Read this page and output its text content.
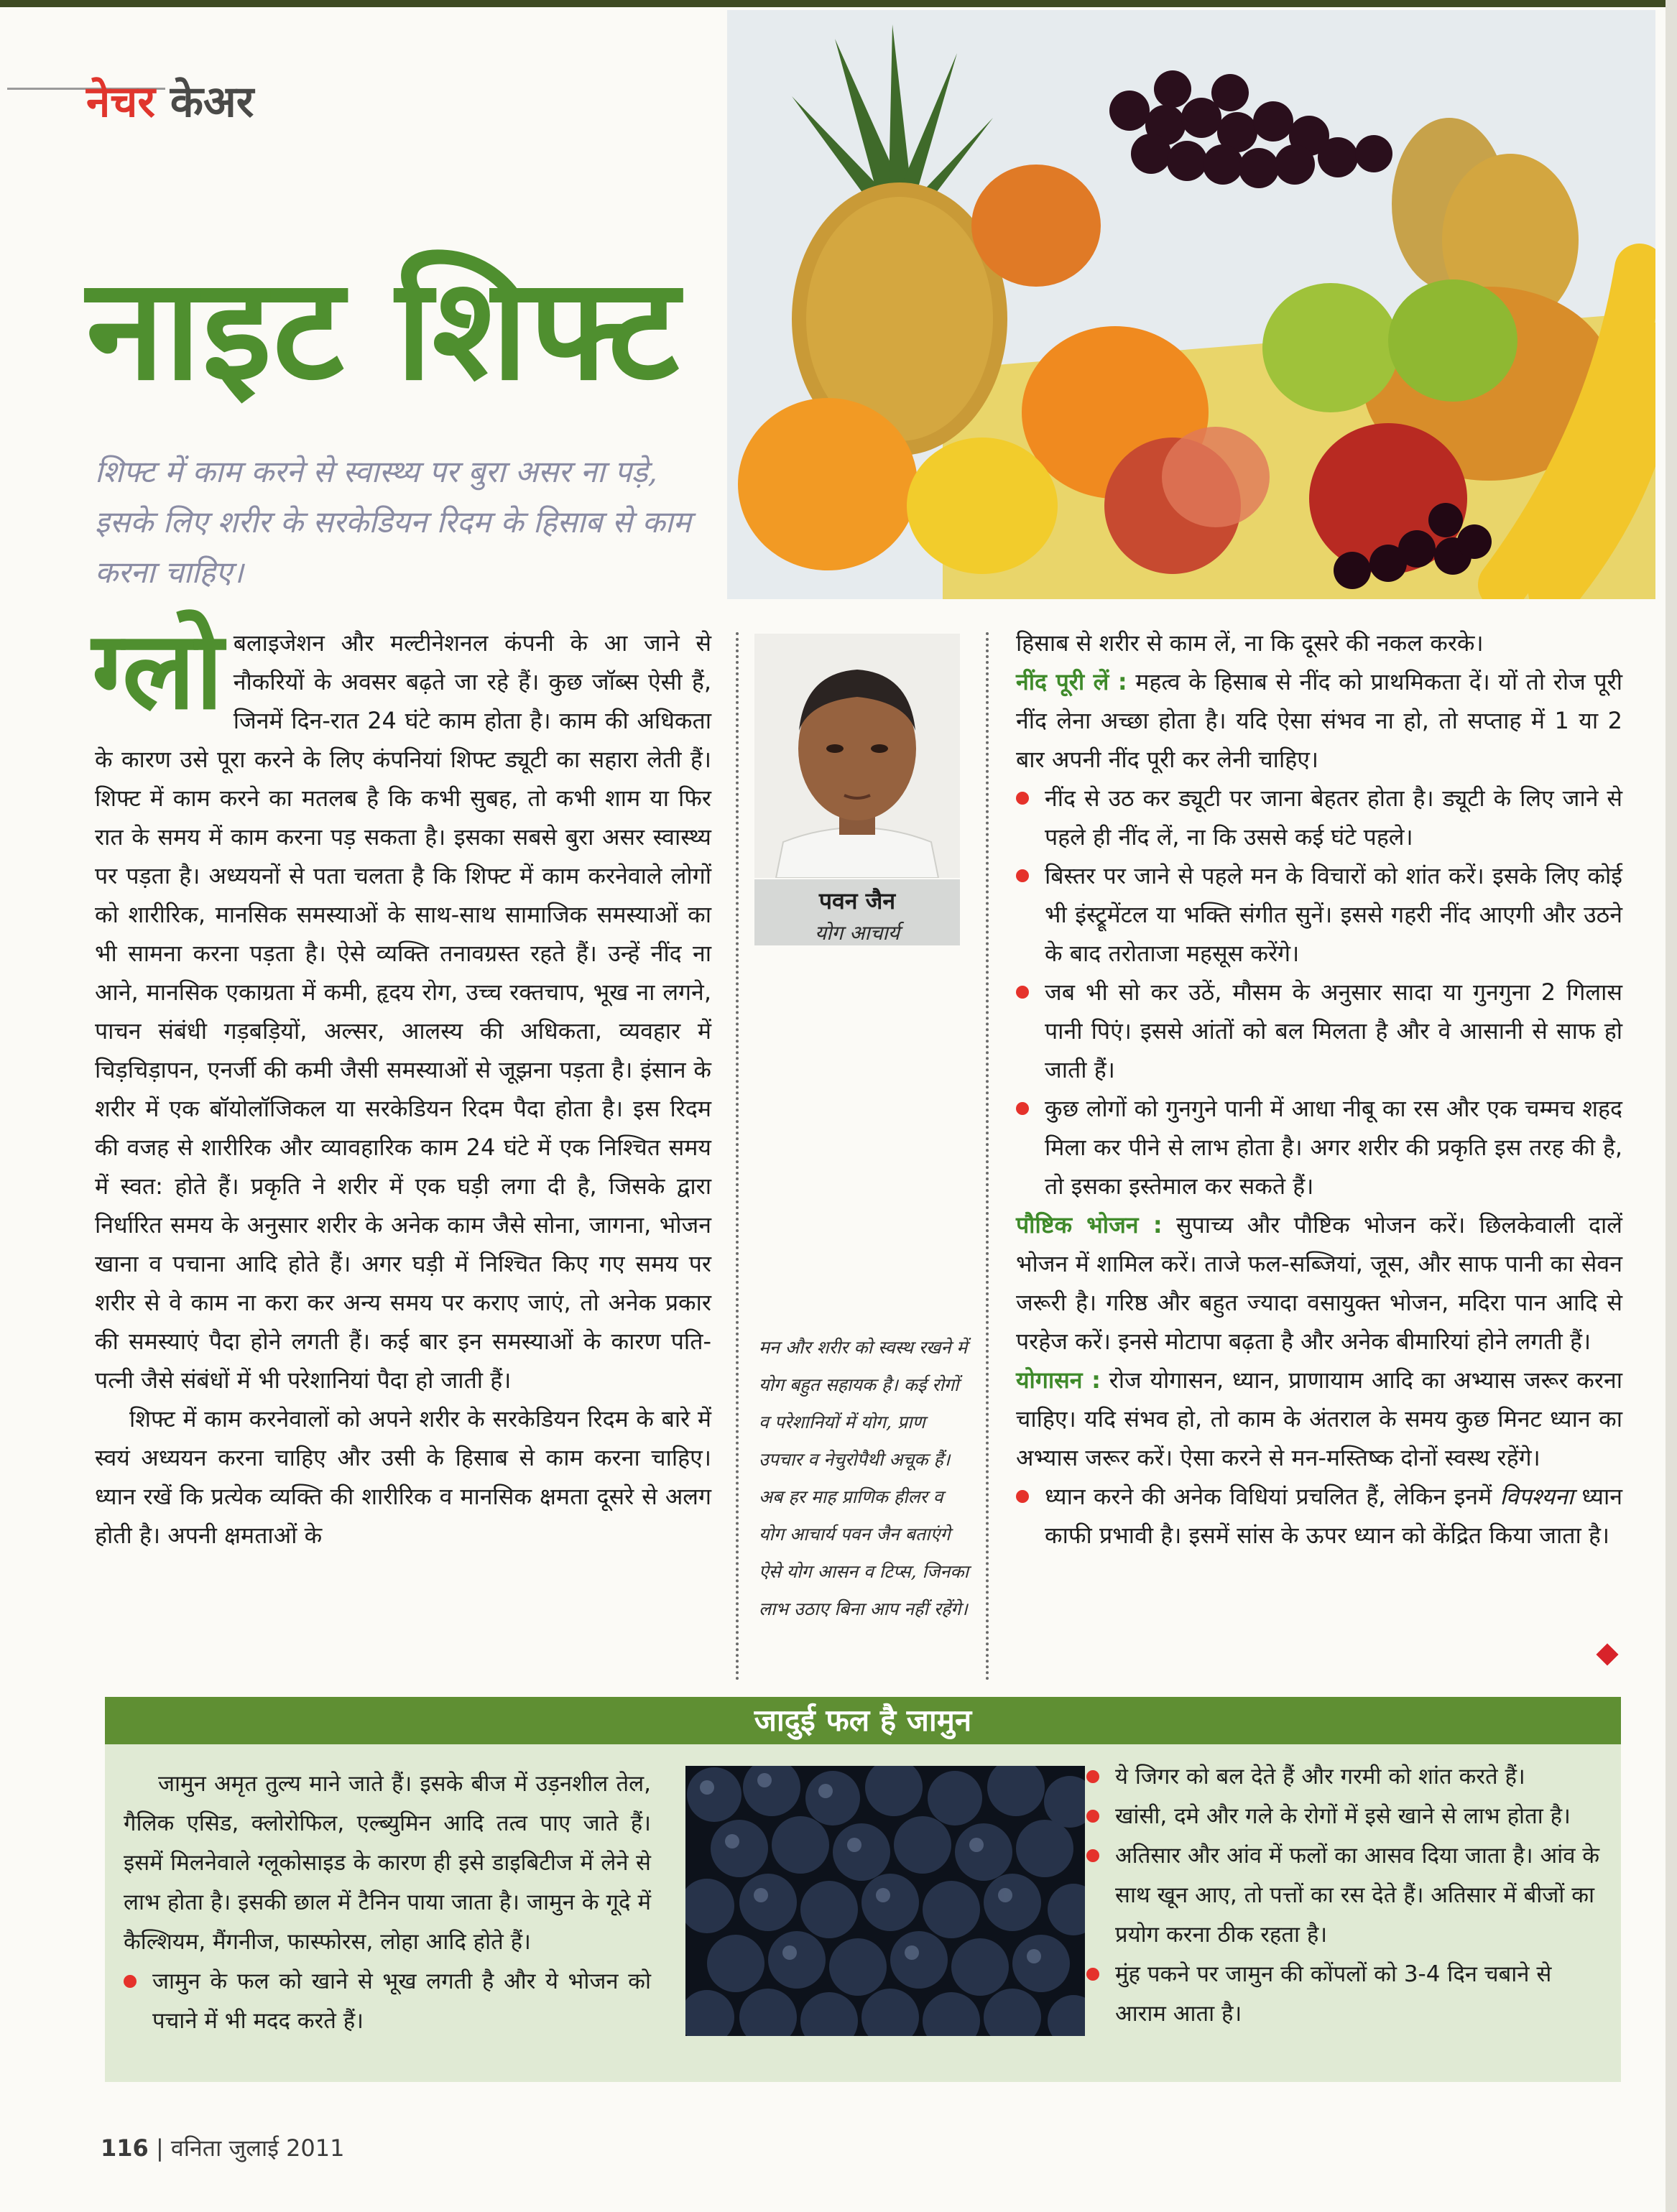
नेचर केअर
नाइट शिफ्ट
शिफ्ट में काम करने से स्वास्थ्य पर बुरा असर ना पड़े, इसके लिए शरीर के सरकेडियन रिदम के हिसाब से काम करना चाहिए।
ग्लो बलाइजेशन और मल्टीनेशनल कंपनी के आ जाने से नौकरियों के अवसर बढ़ते जा रहे हैं। कुछ जॉब्स ऐसी हैं, जिनमें दिन-रात 24 घंटे काम होता है। काम की अधिकता के कारण उसे पूरा करने के लिए कंपनियां शिफ्ट ड्यूटी का सहारा लेती हैं। शिफ्ट में काम करने का मतलब है कि कभी सुबह, तो कभी शाम या फिर रात के समय में काम करना पड़ सकता है। इसका सबसे बुरा असर स्वास्थ्य पर पड़ता है। अध्ययनों से पता चलता है कि शिफ्ट में काम करनेवाले लोगों को शारीरिक, मानसिक समस्याओं के साथ-साथ सामाजिक समस्याओं का भी सामना करना पड़ता है। ऐसे व्यक्ति तनावग्रस्त रहते हैं। उन्हें नींद ना आने, मानसिक एकाग्रता में कमी, हृदय रोग, उच्च रक्तचाप, भूख ना लगने, पाचन संबंधी गड़बड़ियों, अल्सर, आलस्य की अधिकता, व्यवहार में चिड़चिड़ापन, एनर्जी की कमी जैसी समस्याओं से जूझना पड़ता है। इंसान के शरीर में एक बॉयोलॉजिकल या सरकेडियन रिदम पैदा होता है। इस रिदम की वजह से शारीरिक और व्यावहारिक काम 24 घंटे में एक निश्चित समय में स्वत: होते हैं। प्रकृति ने शरीर में एक घड़ी लगा दी है, जिसके द्वारा निर्धारित समय के अनुसार शरीर के अनेक काम जैसे सोना, जागना, भोजन खाना व पचाना आदि होते हैं। अगर घड़ी में निश्चित किए गए समय पर शरीर से वे काम ना करा कर अन्य समय पर कराए जाएं, तो अनेक प्रकार की समस्याएं पैदा होने लगती हैं। कई बार इन समस्याओं के कारण पति-पत्नी जैसे संबंधों में भी परेशानियां पैदा हो जाती हैं।

शिफ्ट में काम करनेवालों को अपने शरीर के सरकेडियन रिदम के बारे में स्वयं अध्ययन करना चाहिए और उसी के हिसाब से काम करना चाहिए। ध्यान रखें कि प्रत्येक व्यक्ति की शारीरिक व मानसिक क्षमता दूसरे से अलग होती है। अपनी क्षमताओं के

पवन जैन
योग आचार्य
मन और शरीर को स्वस्थ रखने में योग बहुत सहायक है। कई रोगों व परेशानियों में योग, प्राण उपचार व नेचुरोपैथी अचूक हैं। अब हर माह प्राणिक हीलर व योग आचार्य पवन जैन बताएंगे ऐसे योग आसन व टिप्स, जिनका लाभ उठाए बिना आप नहीं रहेंगे।

हिसाब से शरीर से काम लें, ना कि दूसरे की नकल करके।

नींद पूरी लें : महत्व के हिसाब से नींद को प्राथमिकता दें। यों तो रोज पूरी नींद लेना अच्छा होता है। यदि ऐसा संभव ना हो, तो सप्ताह में 1 या 2 बार अपनी नींद पूरी कर लेनी चाहिए।

नींद से उठ कर ड्यूटी पर जाना बेहतर होता है। ड्यूटी के लिए जाने से पहले ही नींद लें, ना कि उससे कई घंटे पहले।

बिस्तर पर जाने से पहले मन के विचारों को शांत करें। इसके लिए कोई भी इंस्ट्रूमेंटल या भक्ति संगीत सुनें। इससे गहरी नींद आएगी और उठने के बाद तरोताजा महसूस करेंगे।

जब भी सो कर उठें, मौसम के अनुसार सादा या गुनगुना 2 गिलास पानी पिएं। इससे आंतों को बल मिलता है और वे आसानी से साफ हो जाती हैं।

कुछ लोगों को गुनगुने पानी में आधा नीबू का रस और एक चम्मच शहद मिला कर पीने से लाभ होता है। अगर शरीर की प्रकृति इस तरह की है, तो इसका इस्तेमाल कर सकते हैं।

पौष्टिक भोजन : सुपाच्य और पौष्टिक भोजन करें। छिलकेवाली दालें भोजन में शामिल करें। ताजे फल-सब्जियां, जूस, और साफ पानी का सेवन जरूरी है। गरिष्ठ और बहुत ज्यादा वसायुक्त भोजन, मदिरा पान आदि से परहेज करें। इनसे मोटापा बढ़ता है और अनेक बीमारियां होने लगती हैं।

योगासन : रोज योगासन, ध्यान, प्राणायाम आदि का अभ्यास जरूर करना चाहिए। यदि संभव हो, तो काम के अंतराल के समय कुछ मिनट ध्यान का अभ्यास जरूर करें। ऐसा करने से मन-मस्तिष्क दोनों स्वस्थ रहेंगे।

ध्यान करने की अनेक विधियां प्रचलित हैं, लेकिन इनमें विपश्यना ध्यान काफी प्रभावी है। इसमें सांस के ऊपर ध्यान को केंद्रित किया जाता है।

जादुई फल है जामुन

जामुन अमृत तुल्य माने जाते हैं। इसके बीज में उड़नशील तेल, गैलिक एसिड, क्लोरोफिल, एल्ब्युमिन आदि तत्व पाए जाते हैं। इसमें मिलनेवाले ग्लूकोसाइड के कारण ही इसे डाइबिटीज में लेने से लाभ होता है। इसकी छाल में टैनिन पाया जाता है। जामुन के गूदे में कैल्शियम, मैंगनीज, फास्फोरस, लोहा आदि होते हैं।

जामुन के फल को खाने से भूख लगती है और ये भोजन को पचाने में भी मदद करते हैं।

ये जिगर को बल देते हैं और गरमी को शांत करते हैं।

खांसी, दमे और गले के रोगों में इसे खाने से लाभ होता है।

अतिसार और आंव में फलों का आसव दिया जाता है। आंव के साथ खून आए, तो पत्तों का रस देते हैं। अतिसार में बीजों का प्रयोग करना ठीक रहता है।

मुंह पकने पर जामुन की कोंपलों को 3-4 दिन चबाने से आराम आता है।

116 | वनिता जुलाई 2011
